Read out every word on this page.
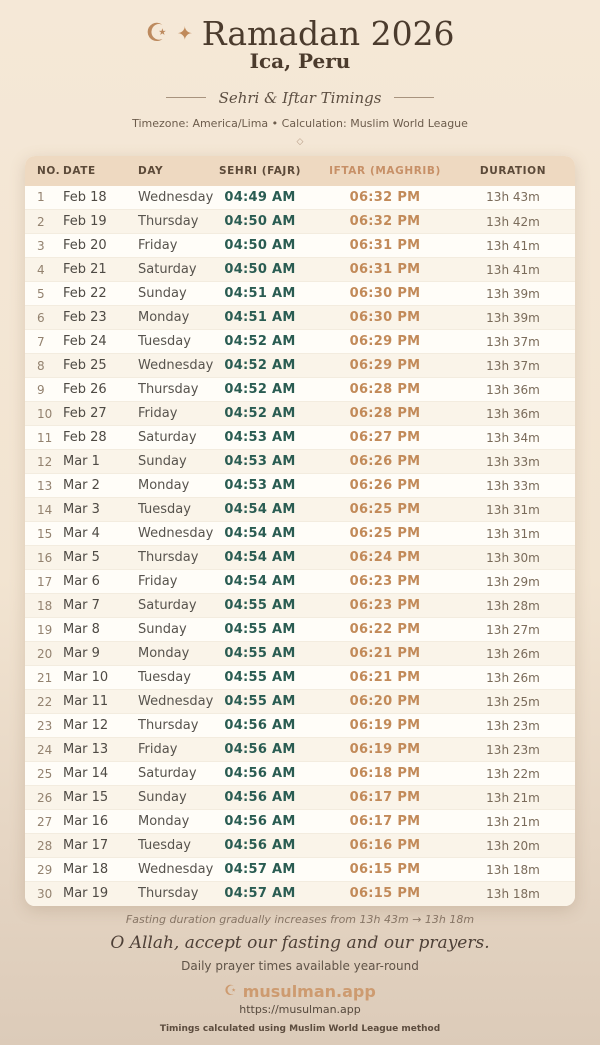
☪ ✦ Ramadan 2026
Ica, Peru
Sehri & Iftar Timings
Timezone: America/Lima • Calculation: Muslim World League
◇
NO.	DATE	DAY	SEHRI (FAJR)	IFTAR (MAGHRIB)	DURATION
1	Feb 18	Wednesday	04:49 AM	06:32 PM	13h 43m
2	Feb 19	Thursday	04:50 AM	06:32 PM	13h 42m
3	Feb 20	Friday	04:50 AM	06:31 PM	13h 41m
4	Feb 21	Saturday	04:50 AM	06:31 PM	13h 41m
5	Feb 22	Sunday	04:51 AM	06:30 PM	13h 39m
6	Feb 23	Monday	04:51 AM	06:30 PM	13h 39m
7	Feb 24	Tuesday	04:52 AM	06:29 PM	13h 37m
8	Feb 25	Wednesday	04:52 AM	06:29 PM	13h 37m
9	Feb 26	Thursday	04:52 AM	06:28 PM	13h 36m
10	Feb 27	Friday	04:52 AM	06:28 PM	13h 36m
11	Feb 28	Saturday	04:53 AM	06:27 PM	13h 34m
12	Mar 1	Sunday	04:53 AM	06:26 PM	13h 33m
13	Mar 2	Monday	04:53 AM	06:26 PM	13h 33m
14	Mar 3	Tuesday	04:54 AM	06:25 PM	13h 31m
15	Mar 4	Wednesday	04:54 AM	06:25 PM	13h 31m
16	Mar 5	Thursday	04:54 AM	06:24 PM	13h 30m
17	Mar 6	Friday	04:54 AM	06:23 PM	13h 29m
18	Mar 7	Saturday	04:55 AM	06:23 PM	13h 28m
19	Mar 8	Sunday	04:55 AM	06:22 PM	13h 27m
20	Mar 9	Monday	04:55 AM	06:21 PM	13h 26m
21	Mar 10	Tuesday	04:55 AM	06:21 PM	13h 26m
22	Mar 11	Wednesday	04:55 AM	06:20 PM	13h 25m
23	Mar 12	Thursday	04:56 AM	06:19 PM	13h 23m
24	Mar 13	Friday	04:56 AM	06:19 PM	13h 23m
25	Mar 14	Saturday	04:56 AM	06:18 PM	13h 22m
26	Mar 15	Sunday	04:56 AM	06:17 PM	13h 21m
27	Mar 16	Monday	04:56 AM	06:17 PM	13h 21m
28	Mar 17	Tuesday	04:56 AM	06:16 PM	13h 20m
29	Mar 18	Wednesday	04:57 AM	06:15 PM	13h 18m
30	Mar 19	Thursday	04:57 AM	06:15 PM	13h 18m
Fasting duration gradually increases from 13h 43m → 13h 18m
O Allah, accept our fasting and our prayers.
Daily prayer times available year-round
☪ musulman.app
https://musulman.app
Timings calculated using Muslim World League method
